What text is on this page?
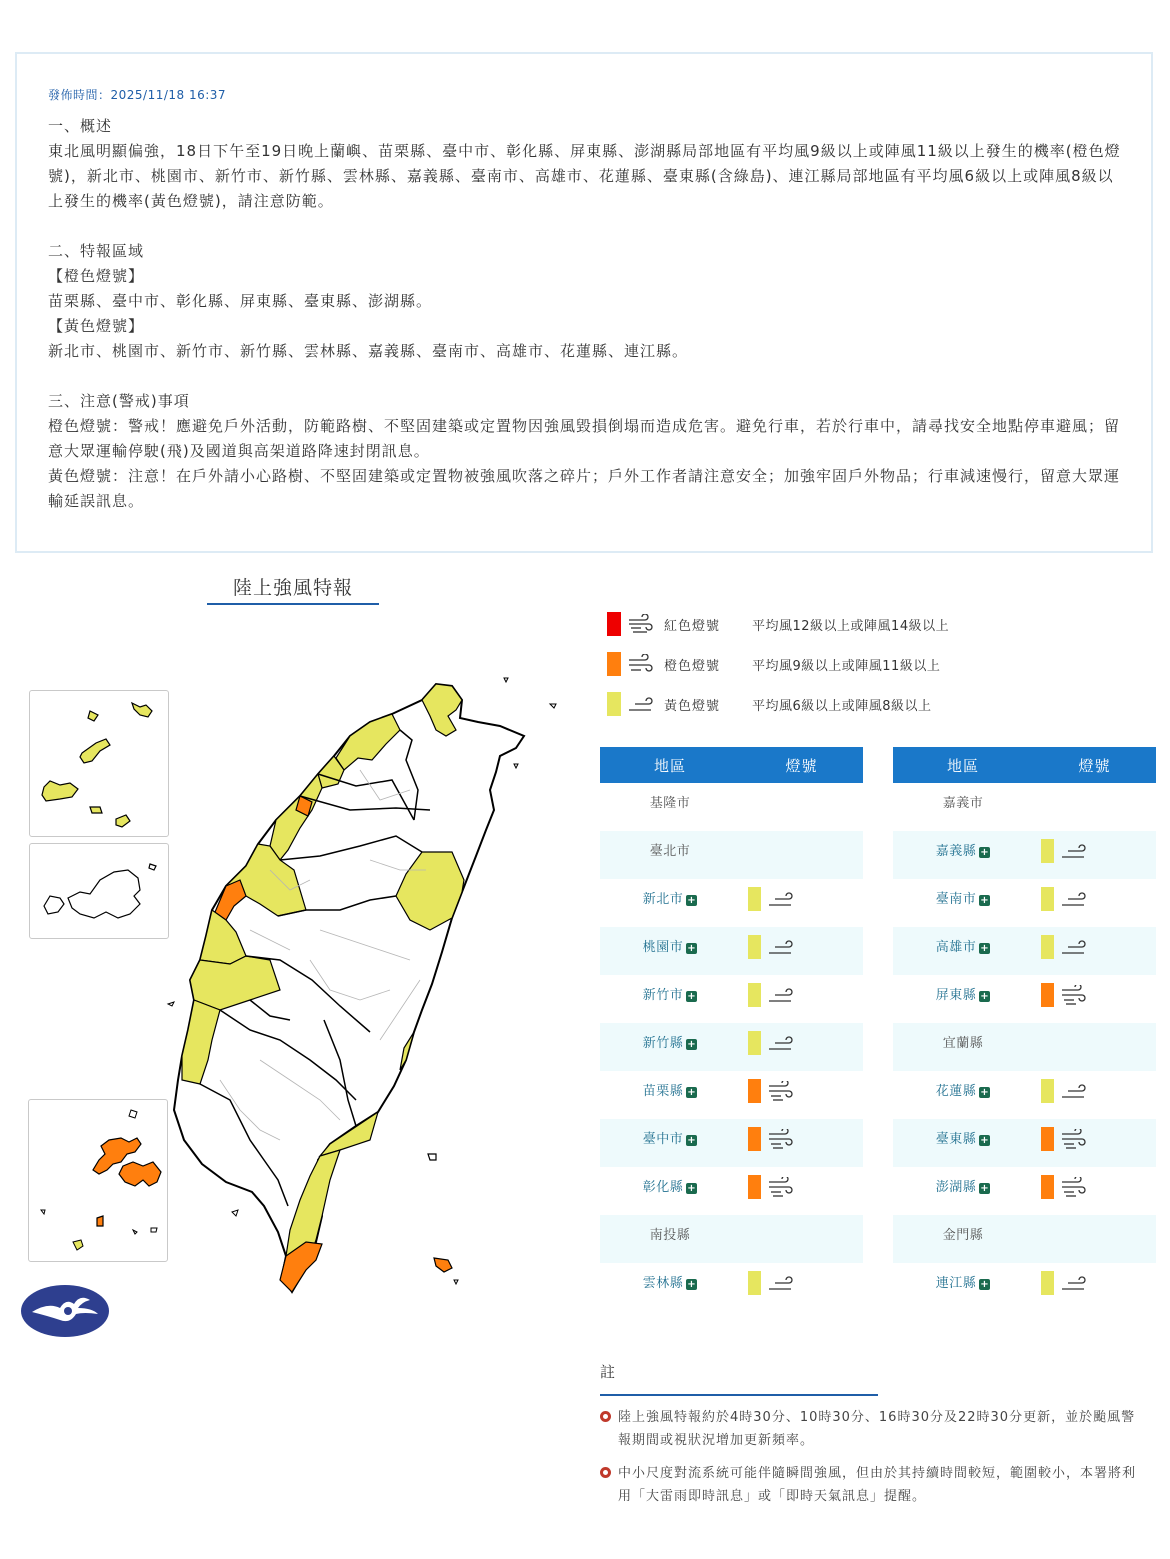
發佈時間：2025/11/18 16:37

一、概述

東北風明顯偏強，18日下午至19日晚上蘭嶼、苗栗縣、臺中市、彰化縣、屏東縣、澎湖縣局部地區有平均風9級以上或陣風11級以上發生的機率(橙色燈號)，新北市、桃園市、新竹市、新竹縣、雲林縣、嘉義縣、臺南市、高雄市、花蓮縣、臺東縣(含綠島)、連江縣局部地區有平均風6級以上或陣風8級以上發生的機率(黃色燈號)，請注意防範。

二、特報區域

【橙色燈號】

苗栗縣、臺中市、彰化縣、屏東縣、臺東縣、澎湖縣。

【黃色燈號】

新北市、桃園市、新竹市、新竹縣、雲林縣、嘉義縣、臺南市、高雄市、花蓮縣、連江縣。

三、注意(警戒)事項

橙色燈號：警戒！應避免戶外活動，防範路樹、不堅固建築或定置物因強風毀損倒塌而造成危害。避免行車，若於行車中，請尋找安全地點停車避風；留意大眾運輸停駛(飛)及國道與高架道路降速封閉訊息。

黃色燈號：注意！在戶外請小心路樹、不堅固建築或定置物被強風吹落之碎片；戶外工作者請注意安全；加強牢固戶外物品；行車減速慢行，留意大眾運輸延誤訊息。

陸上強風特報
紅色燈號 平均風12級以上或陣風14級以上
橙色燈號 平均風9級以上或陣風11級以上
黃色燈號 平均風6級以上或陣風8級以上
地區	燈號
基隆市	
臺北市	
新北市 +	

桃園市 +	

新竹市 +	

新竹縣 +	

苗栗縣 +	

臺中市 +	

彰化縣 +	

南投縣	
雲林縣 +	
地區	燈號
嘉義市	
嘉義縣 +	

臺南市 +	

高雄市 +	

屏東縣 +	

宜蘭縣	
花蓮縣 +	

臺東縣 +	

澎湖縣 +	

金門縣	
連江縣 +	
註
陸上強風特報約於4時30分、10時30分、16時30分及22時30分更新，並於颱風警報期間或視狀況增加更新頻率。
中小尺度對流系統可能伴隨瞬間強風，但由於其持續時間較短，範圍較小，本署將利用「大雷雨即時訊息」或「即時天氣訊息」提醒。
